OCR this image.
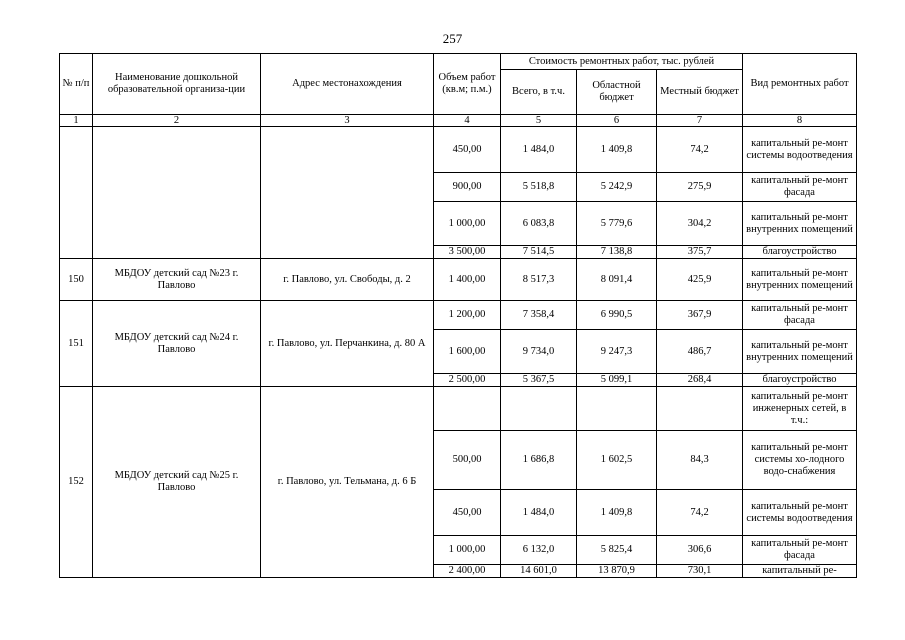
257
№ п/п	Наименование дошкольной образовательной организа-ции	Адрес местонахождения	Объем работ (кв.м; п.м.)	Стоимость ремонтных работ, тыс. рублей			Вид ремонтных работ
				Всего, в т.ч.	Областной бюджет	Местный бюджет	
1	2	3	4	5	6	7	8
			450,00	1 484,0	1 409,8	74,2	капитальный ре-монт системы водоотведения
			900,00	5 518,8	5 242,9	275,9	капитальный ре-монт фасада
			1 000,00	6 083,8	5 779,6	304,2	капитальный ре-монт внутренних помещений
			3 500,00	7 514,5	7 138,8	375,7	благоустройство
150	МБДОУ детский сад №23 г. Павлово	г. Павлово, ул. Свободы, д. 2	1 400,00	8 517,3	8 091,4	425,9	капитальный ре-монт внутренних помещений
151	МБДОУ детский сад №24 г. Павлово	г. Павлово, ул. Перчанкина, д. 80 А	1 200,00	7 358,4	6 990,5	367,9	капитальный ре-монт фасада
			1 600,00	9 734,0	9 247,3	486,7	капитальный ре-монт внутренних помещений
			2 500,00	5 367,5	5 099,1	268,4	благоустройство
152	МБДОУ детский сад №25 г. Павлово	г. Павлово, ул. Тельмана, д. 6 Б					капитальный ре-монт инженерных сетей, в т.ч.:
			500,00	1 686,8	1 602,5	84,3	капитальный ре-монт системы хо-лодного водо-снабжения
			450,00	1 484,0	1 409,8	74,2	капитальный ре-монт системы водоотведения
			1 000,00	6 132,0	5 825,4	306,6	капитальный ре-монт фасада
			2 400,00	14 601,0	13 870,9	730,1	капитальный ре-
